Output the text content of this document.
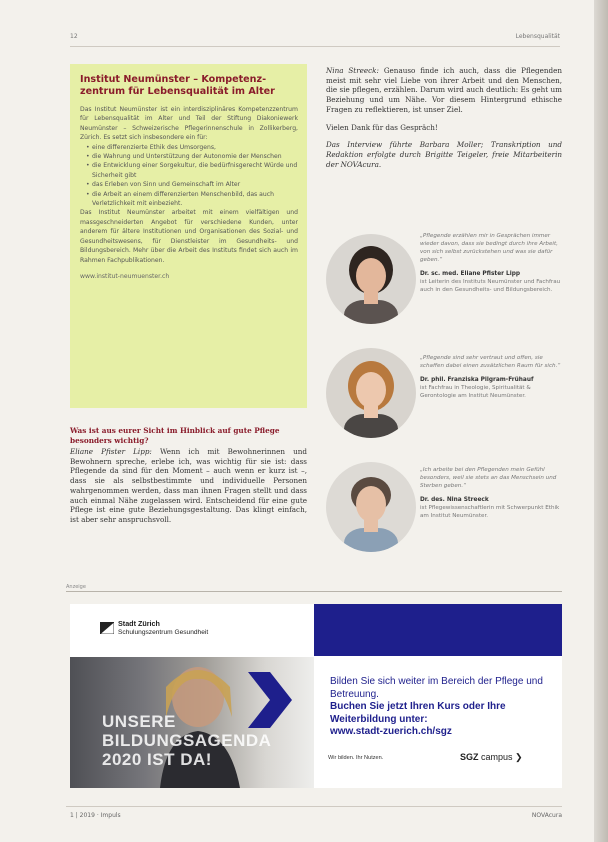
12	Lebensqualität
Institut Neumünster – Kompetenzzentrum für Lebensqualität im Alter

Das Institut Neumünster ist ein interdisziplinäres Kompetenzzentrum für Lebensqualität im Alter und Teil der Stiftung Diakoniewerk Neumünster – Schweizerische Pflegerinnenschule in Zollikerberg, Zürich. Es setzt sich insbesondere ein für:

• eine differenzierte Ethik des Umsorgens,
• die Wahrung und Unterstützung der Autonomie der Menschen
• die Entwicklung einer Sorgekultur, die bedürfnisgerecht Würde und Sicherheit gibt
• das Erleben von Sinn und Gemeinschaft im Alter
• die Arbeit an einem differenzierten Menschenbild, das auch Verletzlichkeit mit einbezieht.

Das Institut Neumünster arbeitet mit einem vielfältigen und massgeschneiderten Angebot für verschiedene Kunden, unter anderem für ältere Institutionen und Organisationen des Sozial- und Gesundheitswesens, für Dienstleister im Gesundheits- und Bildungsbereich. Mehr über die Arbeit des Instituts findet sich auch im Rahmen Fachpublikationen.

www.institut-neumuenster.ch

Was ist aus eurer Sicht im Hinblick auf gute Pflege besonders wichtig?

Eliane Pfister Lipp: Wenn ich mit Bewohnerinnen und Bewohnern spreche, erlebe ich, was wichtig für sie ist: dass Pflegende da sind für den Moment – auch wenn er kurz ist –, dass sie als selbstbestimmte und individuelle Personen wahrgenommen werden, dass man ihnen Fragen stellt und dass auch einmal Nähe zugelassen wird. Entscheidend für eine gute Pflege ist eine gute Beziehungsgestaltung. Das klingt einfach, ist aber sehr anspruchsvoll.

Nina Streeck: Genauso finde ich auch, dass die Pflegenden meist mit sehr viel Liebe von ihrer Arbeit und den Menschen, die sie pflegen, erzählen. Darum wird auch deutlich: Es geht um Beziehung und um Nähe. Vor diesem Hintergrund ethische Fragen zu reflektieren, ist unser Ziel.

Vielen Dank für das Gespräch!

Das Interview führte Barbara Moller; Transkription und Redaktion erfolgte durch Brigitte Teigeler, freie Mitarbeiterin der NOVAcura.

„Pflegende erzählen mir in Gesprächen immer wieder davon, dass sie bedingt durch ihre Arbeit, von sich selbst zurückstehen und was sie dafür geben.“

Dr. sc. med. Eliane Pfister Lipp

ist Leiterin des Instituts Neumünster und Fachfrau auch in den Gesundheits- und Bildungsbereich.

„Pflegende sind sehr vertraut und offen, sie schaffen dabei einen zusätzlichen Raum für sich.“

Dr. phil. Franziska Pilgram-Frühauf

ist Fachfrau in Theologie, Spiritualität & Gerontologie am Institut Neumünster.

„Ich arbeite bei den Pflegenden mein Gefühl besonders, weil sie stets an das Menschsein und Sterben geben.“

Dr. des. Nina Streeck

ist Pflegewissenschaftlerin mit Schwerpunkt Ethik am Institut Neumünster.

Anzeige
Stadt Zürich
Schulungszentrum Gesundheit
UNSERE
BILDUNGSAGENDA
2020 IST DA!
Bilden Sie sich weiter im Bereich der Pflege und Betreuung.
Buchen Sie jetzt Ihren Kurs oder Ihre Weiterbildung unter:
www.stadt-zuerich.ch/sgz
Wir bilden. Ihr Nutzen.	SGZ campus ❯
1 | 2019 · Impuls	NOVAcura
